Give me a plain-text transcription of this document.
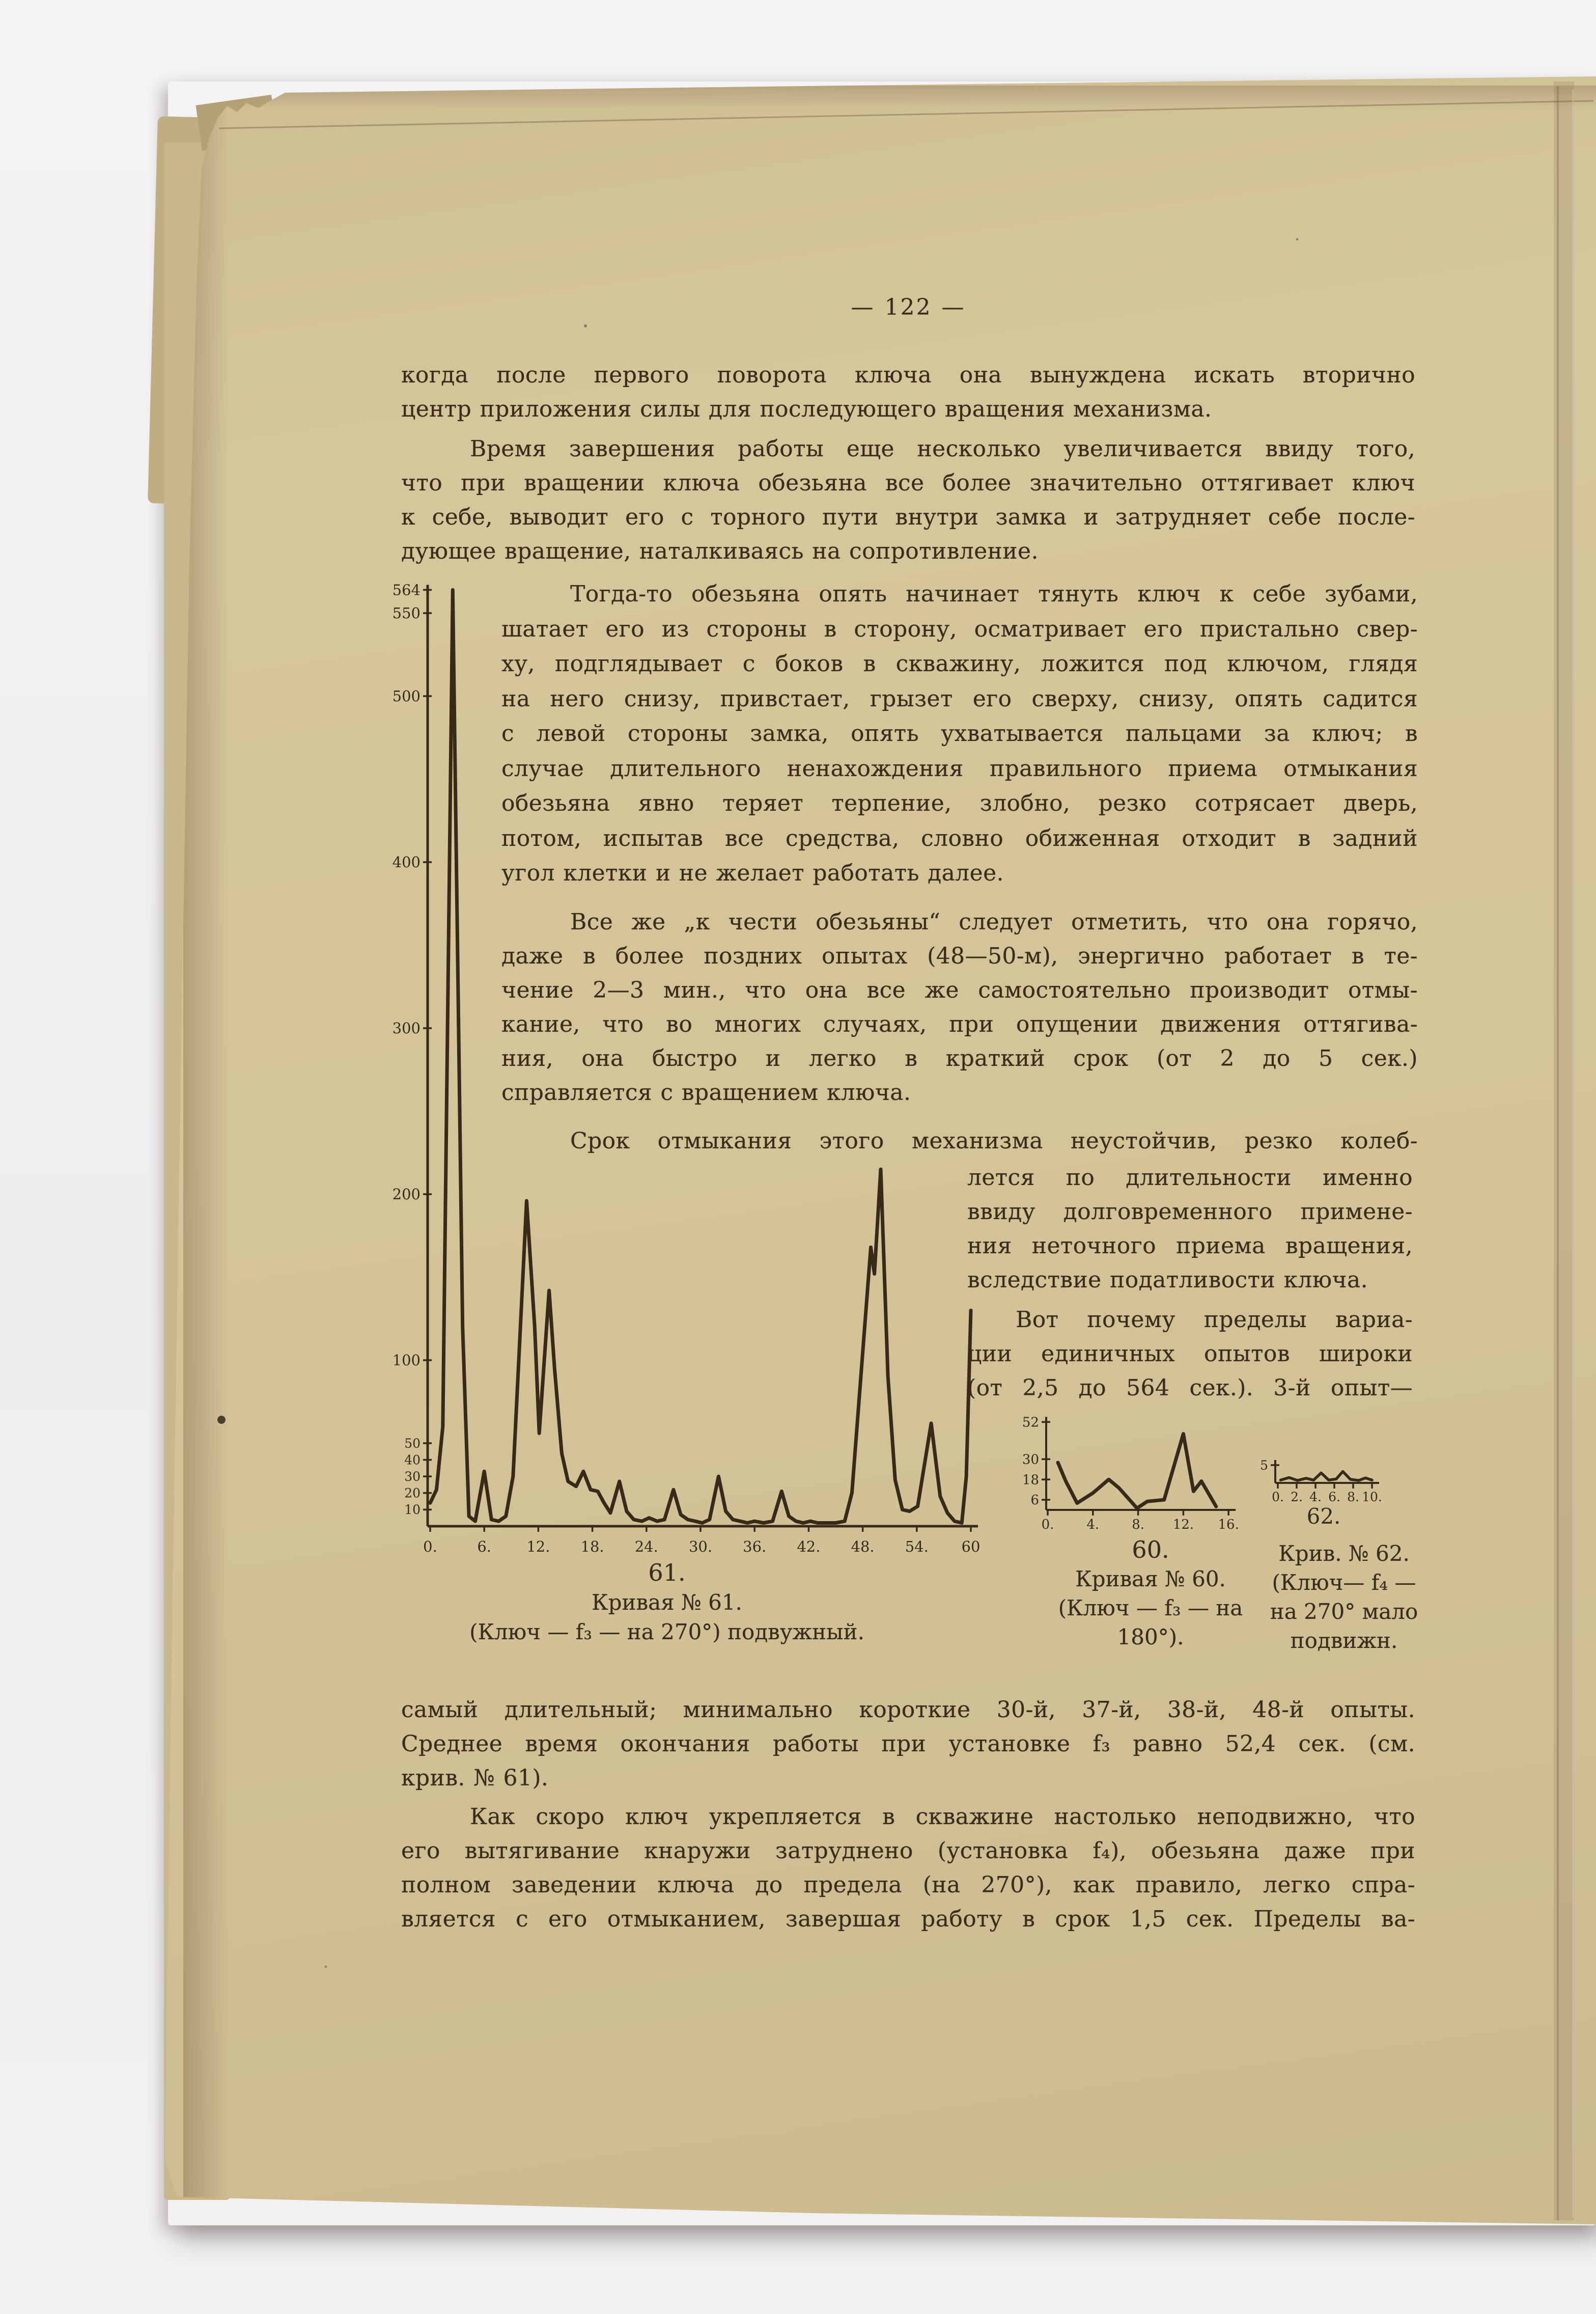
— 122 —
когда после первого поворота ключа она вынуждена искать вторично
центр приложения силы для последующего вращения механизма.
Время завершения работы еще несколько увеличивается ввиду того,
что при вращении ключа обезьяна все более значительно оттягивает ключ
к себе, выводит его с торного пути внутри замка и затрудняет себе после-
дующее вращение, наталкиваясь на сопротивление.
Тогда-то обезьяна опять начинает тянуть ключ к себе зубами,
шатает его из стороны в сторону, осматривает его пристально свер-
ху, подглядывает с боков в скважину, ложится под ключом, глядя
на него снизу, привстает, грызет его сверху, снизу, опять садится
с левой стороны замка, опять ухватывается пальцами за ключ; в
случае длительного ненахождения правильного приема отмыкания
обезьяна явно теряет терпение, злобно, резко сотрясает дверь,
потом, испытав все средства, словно обиженная отходит в задний
угол клетки и не желает работать далее.
Все же „к чести обезьяны“ следует отметить, что она горячо,
даже в более поздних опытах (48—50-м), энергично работает в те-
чение 2—3 мин., что она все же самостоятельно производит отмы-
кание, что во многих случаях, при опущении движения оттягива-
ния, она быстро и легко в краткий срок (от 2 до 5 сек.)
справляется с вращением ключа.
Срок отмыкания этого механизма неустойчив, резко колеб-
лется по длительности именно
ввиду долговременного примене-
ния неточного приема вращения,
вследствие податливости ключа.
Вот почему пределы вариа-
ции единичных опытов широки
(от 2,5 до 564 сек.). 3-й опыт—
самый длительный; минимально короткие 30-й, 37-й, 38-й, 48-й опыты.
Среднее время окончания работы при установке f₃ равно 52,4 сек. (см.
крив. № 61).
Как скоро ключ укрепляется в скважине настолько неподвижно, что
его вытягивание кнаружи затруднено (установка f₄), обезьяна даже при
полном заведении ключа до предела (на 270°), как правило, легко спра-
вляется с его отмыканием, завершая работу в срок 1,5 сек. Пределы ва-
564
550
500
400
300
200
100
50
40
30
20
10
0.	6. 12. 18. 24. 30. 36. 42. 48. 54. 60
52
30
18
6
0. 4. 8. 12. 16.
5
0. 2. 4. 6. 8. 10.
62.
61.
Кривая № 61.
(Ключ — f₃ — на 270°) подвужный.
60.
Кривая № 60.
(Ключ — f₃ — на
180°).
Крив. № 62.
(Ключ— f₄ —
на 270° мало
подвижн.
